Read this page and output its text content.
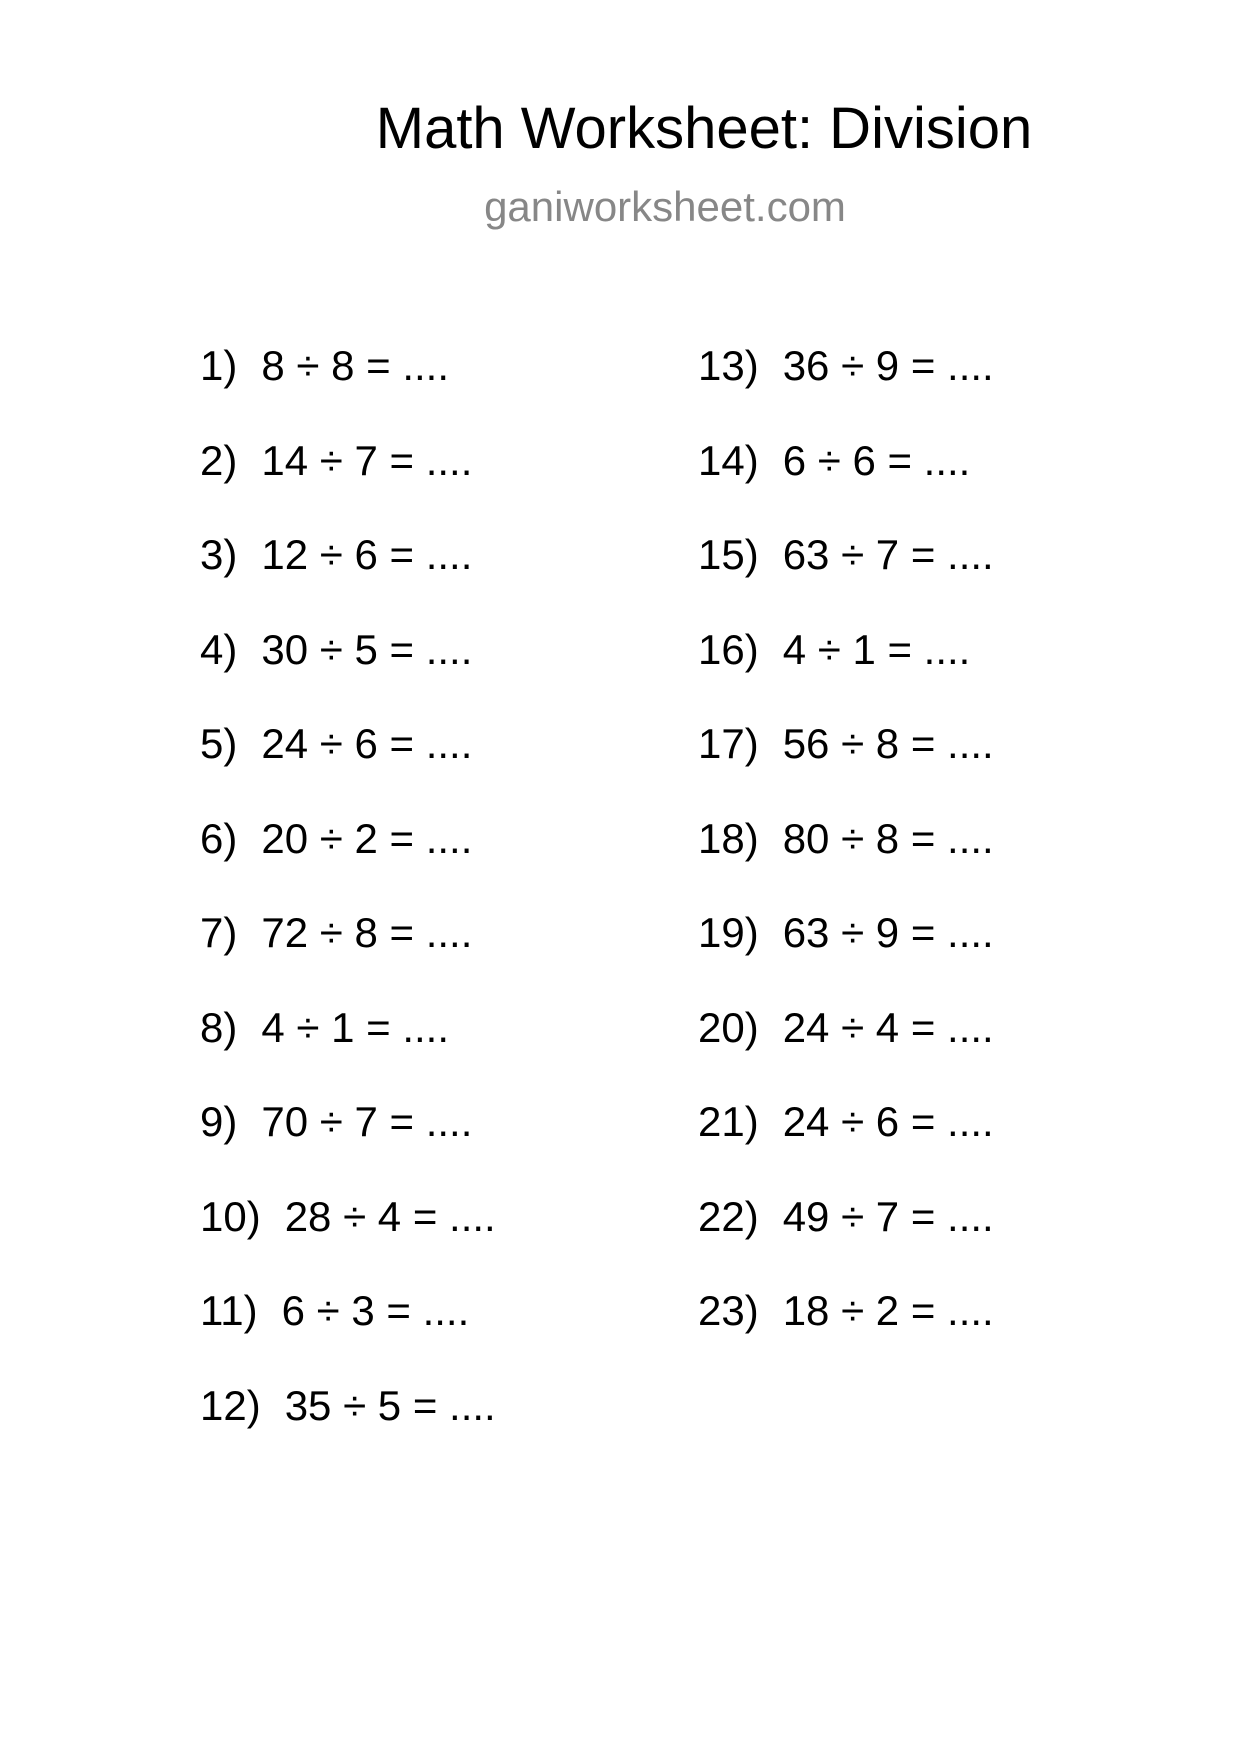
Math Worksheet: Division
ganiworksheet.com
1) 8 ÷ 8 = ....
2) 14 ÷ 7 = ....
3) 12 ÷ 6 = ....
4) 30 ÷ 5 = ....
5) 24 ÷ 6 = ....
6) 20 ÷ 2 = ....
7) 72 ÷ 8 = ....
8) 4 ÷ 1 = ....
9) 70 ÷ 7 = ....
10) 28 ÷ 4 = ....
11) 6 ÷ 3 = ....
12) 35 ÷ 5 = ....
13) 36 ÷ 9 = ....
14) 6 ÷ 6 = ....
15) 63 ÷ 7 = ....
16) 4 ÷ 1 = ....
17) 56 ÷ 8 = ....
18) 80 ÷ 8 = ....
19) 63 ÷ 9 = ....
20) 24 ÷ 4 = ....
21) 24 ÷ 6 = ....
22) 49 ÷ 7 = ....
23) 18 ÷ 2 = ....
